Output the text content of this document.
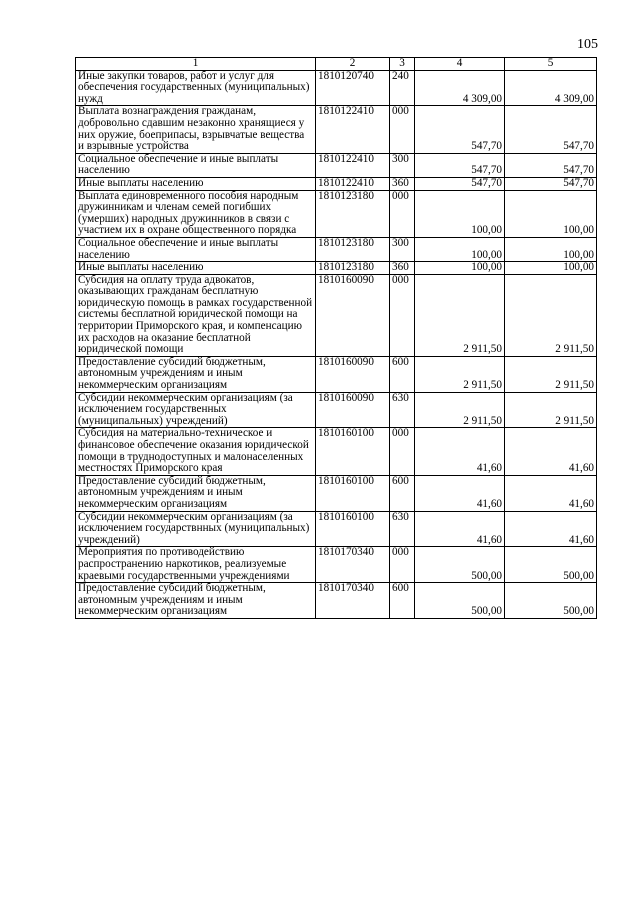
105
1	2	3	4	5
Иные закупки товаров, работ и услуг для обеспечения государственных (муниципальных) нужд	1810120740	240	4 309,00	4 309,00
Выплата вознаграждения гражданам, добровольно сдавшим незаконно хранящиеся у них оружие, боеприпасы, взрывчатые вещества и взрывные устройства	1810122410	000	547,70	547,70
Социальное обеспечение и иные выплаты населению	1810122410	300	547,70	547,70
Иные выплаты населению	1810122410	360	547,70	547,70
Выплата единовременного пособия народным дружинникам и членам семей погибших (умерших) народных дружинников в связи с участием их в охране общественного порядка	1810123180	000	100,00	100,00
Социальное обеспечение и иные выплаты населению	1810123180	300	100,00	100,00
Иные выплаты населению	1810123180	360	100,00	100,00
Субсидия на оплату труда адвокатов, оказывающих гражданам бесплатную юридическую помощь в рамках государственной системы бесплатной юридической помощи на территории Приморского края, и компенсацию их расходов на оказание бесплатной юридической помощи	1810160090	000	2 911,50	2 911,50
Предоставление субсидий бюджетным, автономным учреждениям и иным некоммерческим организациям	1810160090	600	2 911,50	2 911,50
Субсидии некоммерческим организациям (за исключением государственных (муниципальных) учреждений)	1810160090	630	2 911,50	2 911,50
Субсидия на материально-техническое и финансовое обеспечение оказания юридической помощи в труднодоступных и малонаселенных местностях Приморского края	1810160100	000	41,60	41,60
Предоставление субсидий бюджетным, автономным учреждениям и иным некоммерческим организациям	1810160100	600	41,60	41,60
Субсидии некоммерческим организациям (за исключением государствнных (муниципальных) учреждений)	1810160100	630	41,60	41,60
Мероприятия по противодействию распространению наркотиков, реализуемые краевыми государственными учреждениями	1810170340	000	500,00	500,00
Предоставление субсидий бюджетным, автономным учреждениям и иным некоммерческим организациям	1810170340	600	500,00	500,00
